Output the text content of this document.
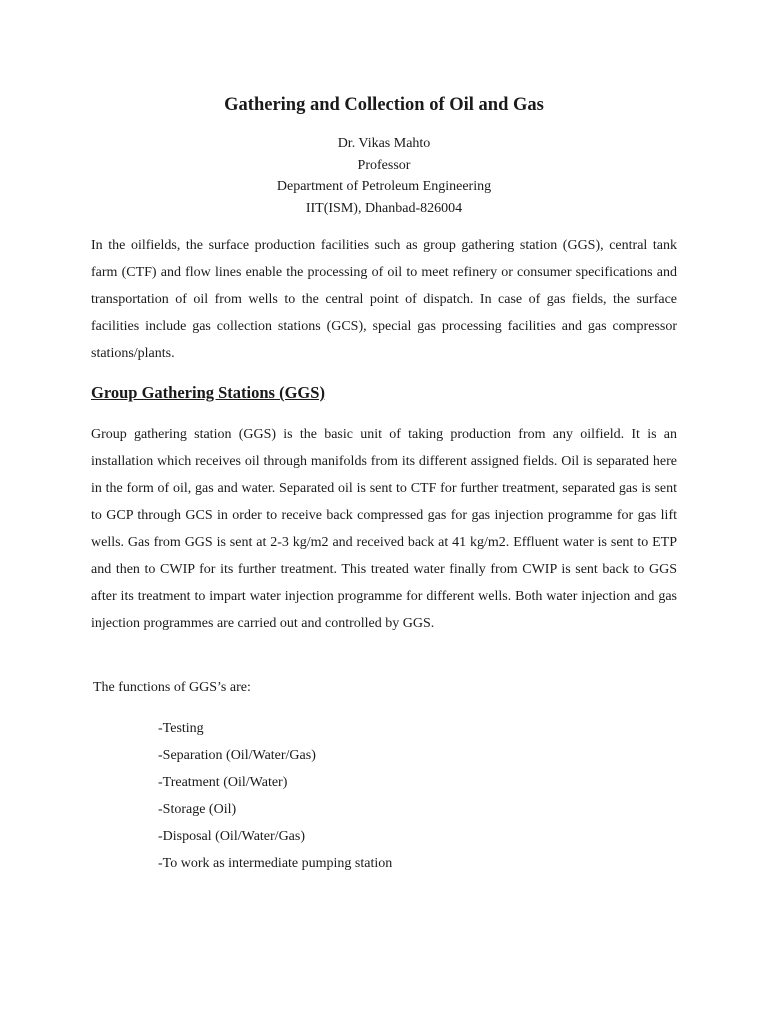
Gathering and Collection of Oil and Gas
Dr. Vikas Mahto
Professor
Department of Petroleum Engineering
IIT(ISM), Dhanbad-826004

In the oilfields, the surface production facilities such as group gathering station (GGS), central tank farm (CTF) and flow lines enable the processing of oil to meet refinery or consumer specifications and transportation of oil from wells to the central point of dispatch. In case of gas fields, the surface facilities include gas collection stations (GCS), special gas processing facilities and gas compressor stations/plants.

Group Gathering Stations (GGS)

Group gathering station (GGS) is the basic unit of taking production from any oilfield. It is an installation which receives oil through manifolds from its different assigned fields. Oil is separated here in the form of oil, gas and water. Separated oil is sent to CTF for further treatment, separated gas is sent to GCP through GCS in order to receive back compressed gas for gas injection programme for gas lift wells. Gas from GGS is sent at 2-3 kg/m2 and received back at 41 kg/m2. Effluent water is sent to ETP and then to CWIP for its further treatment. This treated water finally from CWIP is sent back to GGS after its treatment to impart water injection programme for different wells. Both water injection and gas injection programmes are carried out and controlled by GGS.

The functions of GGS’s are:
-Testing
-Separation (Oil/Water/Gas)
-Treatment (Oil/Water)
-Storage (Oil)
-Disposal (Oil/Water/Gas)
-To work as intermediate pumping station
